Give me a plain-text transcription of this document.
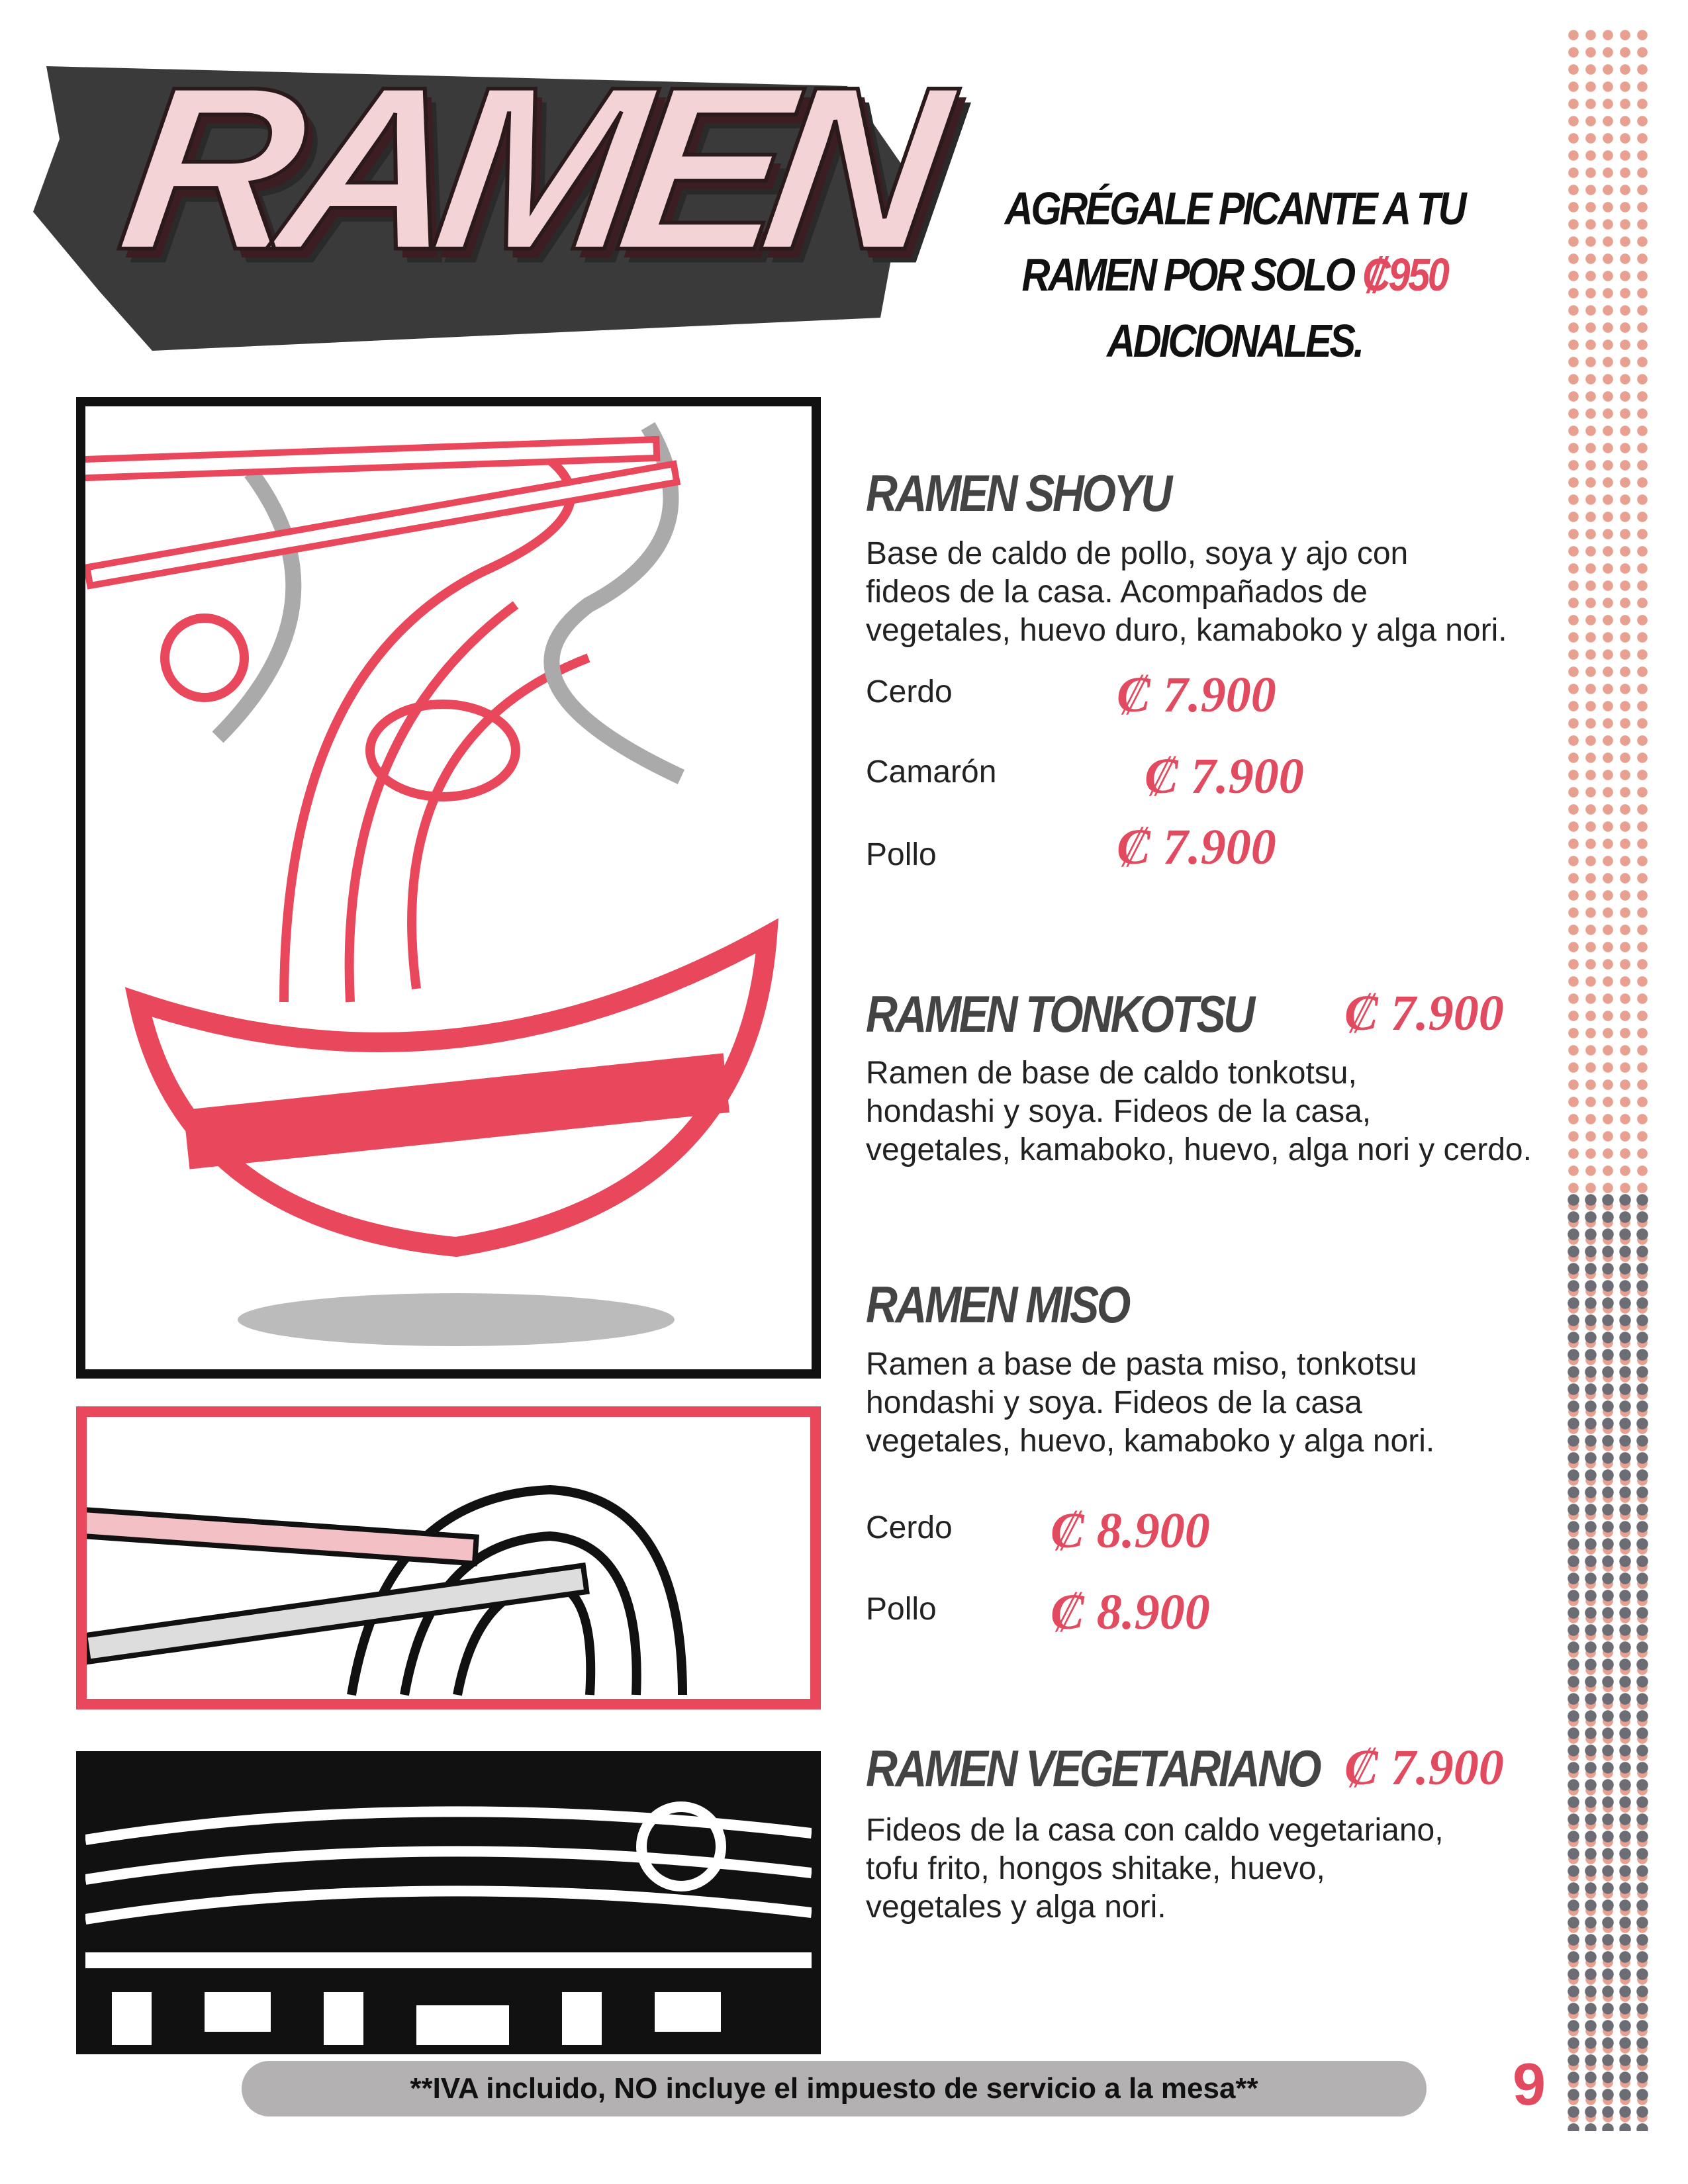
RAMEN AGRÉGALE PICANTE A TU
RAMEN POR SOLO ₡950
ADICIONALES.
RAMEN SHOYU
Base de caldo de pollo, soya y ajo con
fideos de la casa. Acompañados de
vegetales, huevo duro, kamaboko y alga nori.
Cerdo	₡ 7.900
Camarón	₡ 7.900
Pollo	₡ 7.900
RAMEN TONKOTSU ₡ 7.900
Ramen de base de caldo tonkotsu,
hondashi y soya. Fideos de la casa,
vegetales, kamaboko, huevo, alga nori y cerdo.
RAMEN MISO
Ramen a base de pasta miso, tonkotsu
hondashi y soya. Fideos de la casa
vegetales, huevo, kamaboko y alga nori.
Cerdo ₡ 8.900
Pollo ₡ 8.900
RAMEN VEGETARIANO ₡ 7.900
Fideos de la casa con caldo vegetariano,
tofu frito, hongos shitake, huevo,
vegetales y alga nori.
**IVA incluido, NO incluye el impuesto de servicio a la mesa**	9
